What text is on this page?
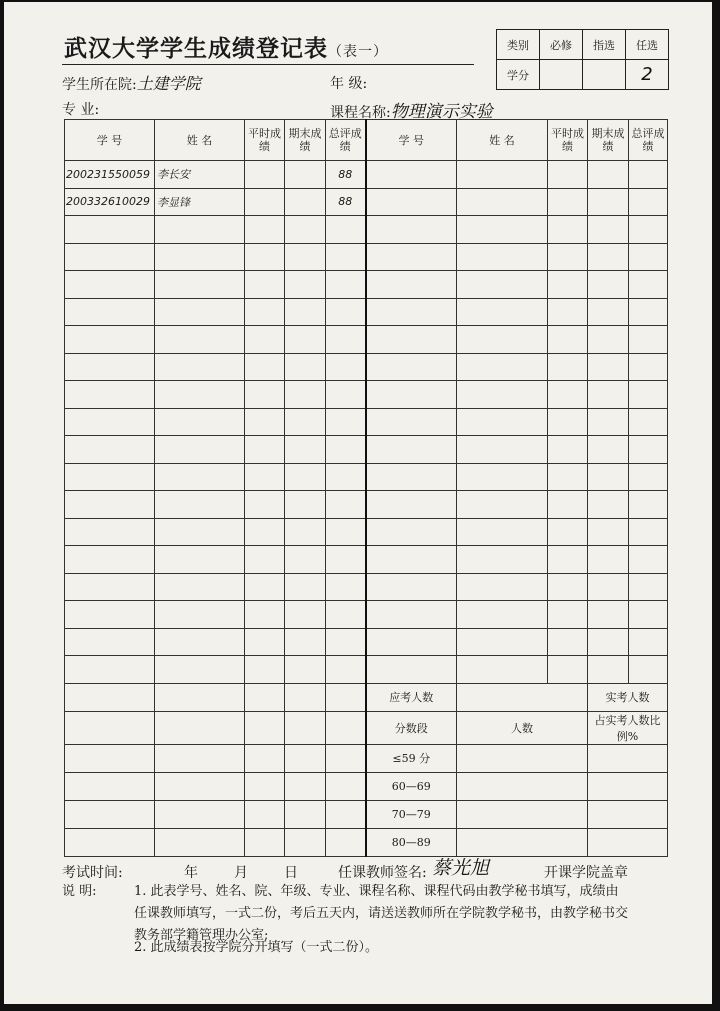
武汉大学学生成绩登记表（表一）	类别	必修	指选	任选
学分			2
学生所在院:土建学院	年 级:
专 业:	课程名称:物理演示实验
学 号	姓 名	平时成绩	期末成绩	总评成绩	学 号	姓 名	平时成绩	期末成绩	总评成绩
200231550059	李长安			88					
200332610029	李显锋			88					

					应考人数			实考人数	
					分数段	人数		占实考人数比例%	
					≤59 分				
					60—69				
					70—79				
					80—89				
考试时间:	年	月	日	任课教师签名: 蔡光旭	开课学院盖章
说 明:	1. 此表学号、姓名、院、年级、专业、课程名称、课程代码由教学秘书填写，成绩由
任课教师填写，一式二份，考后五天内，请送送教师所在学院教学秘书，由教学秘书交
教务部学籍管理办公室;
2. 此成绩表按学院分开填写（一式二份）。
